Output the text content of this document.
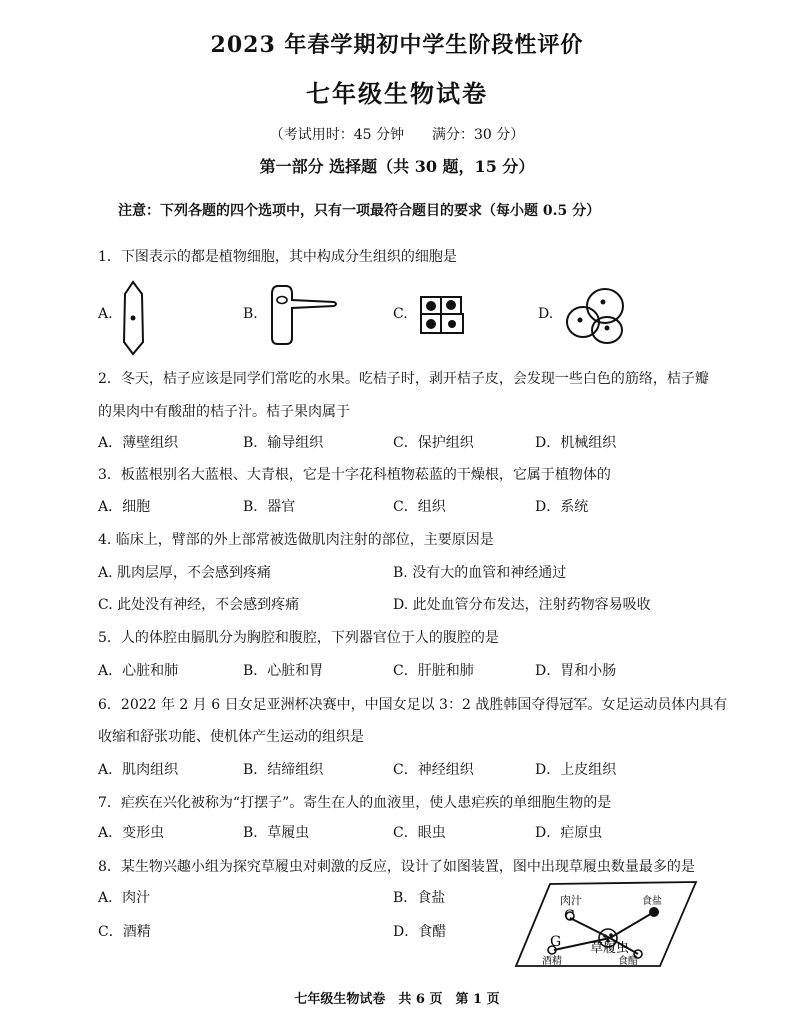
2023 年春学期初中学生阶段性评价
七年级生物试卷
（考试用时：45 分钟　　满分：30 分）
第一部分 选择题（共 30 题，15 分）
注意：下列各题的四个选项中，只有一项最符合题目的要求（每小题 0.5 分）
1．下图表示的都是植物细胞，其中构成分生组织的细胞是
A.	B.	C.	D.
2．冬天，桔子应该是同学们常吃的水果。吃桔子时，剥开桔子皮，会发现一些白色的筋络，桔子瓣
的果肉中有酸甜的桔子汁。桔子果肉属于
A．薄壁组织	B．输导组织	C．保护组织	D．机械组织
3．板蓝根别名大蓝根、大青根，它是十字花科植物菘蓝的干燥根，它属于植物体的
A．细胞	B．器官	C．组织	D．系统
4. 临床上，臂部的外上部常被选做肌肉注射的部位，主要原因是
A. 肌肉层厚，不会感到疼痛	B. 没有大的血管和神经通过
C. 此处没有神经，不会感到疼痛	D. 此处血管分布发达，注射药物容易吸收
5．人的体腔由膈肌分为胸腔和腹腔，下列器官位于人的腹腔的是
A．心脏和肺	B．心脏和胃	C．肝脏和肺	D．胃和小肠
6．2022 年 2 月 6 日女足亚洲杯决赛中，中国女足以 3：2 战胜韩国夺得冠军。女足运动员体内具有
收缩和舒张功能、使机体产生运动的组织是
A．肌肉组织	B．结缔组织	C．神经组织	D．上皮组织
7．疟疾在兴化被称为“打摆子”。寄生在人的血液里，使人患疟疾的单细胞生物的是
A．变形虫	B．草履虫	C．眼虫	D．疟原虫
8．某生物兴趣小组为探究草履虫对刺激的反应，设计了如图装置，图中出现草履虫数量最多的是
A．肉汁	B．食盐
C．酒精	D．食醋
肉汁
C
食盐
G
酒精	食醋
草履虫
七年级生物试卷　共 6 页　第 1 页
